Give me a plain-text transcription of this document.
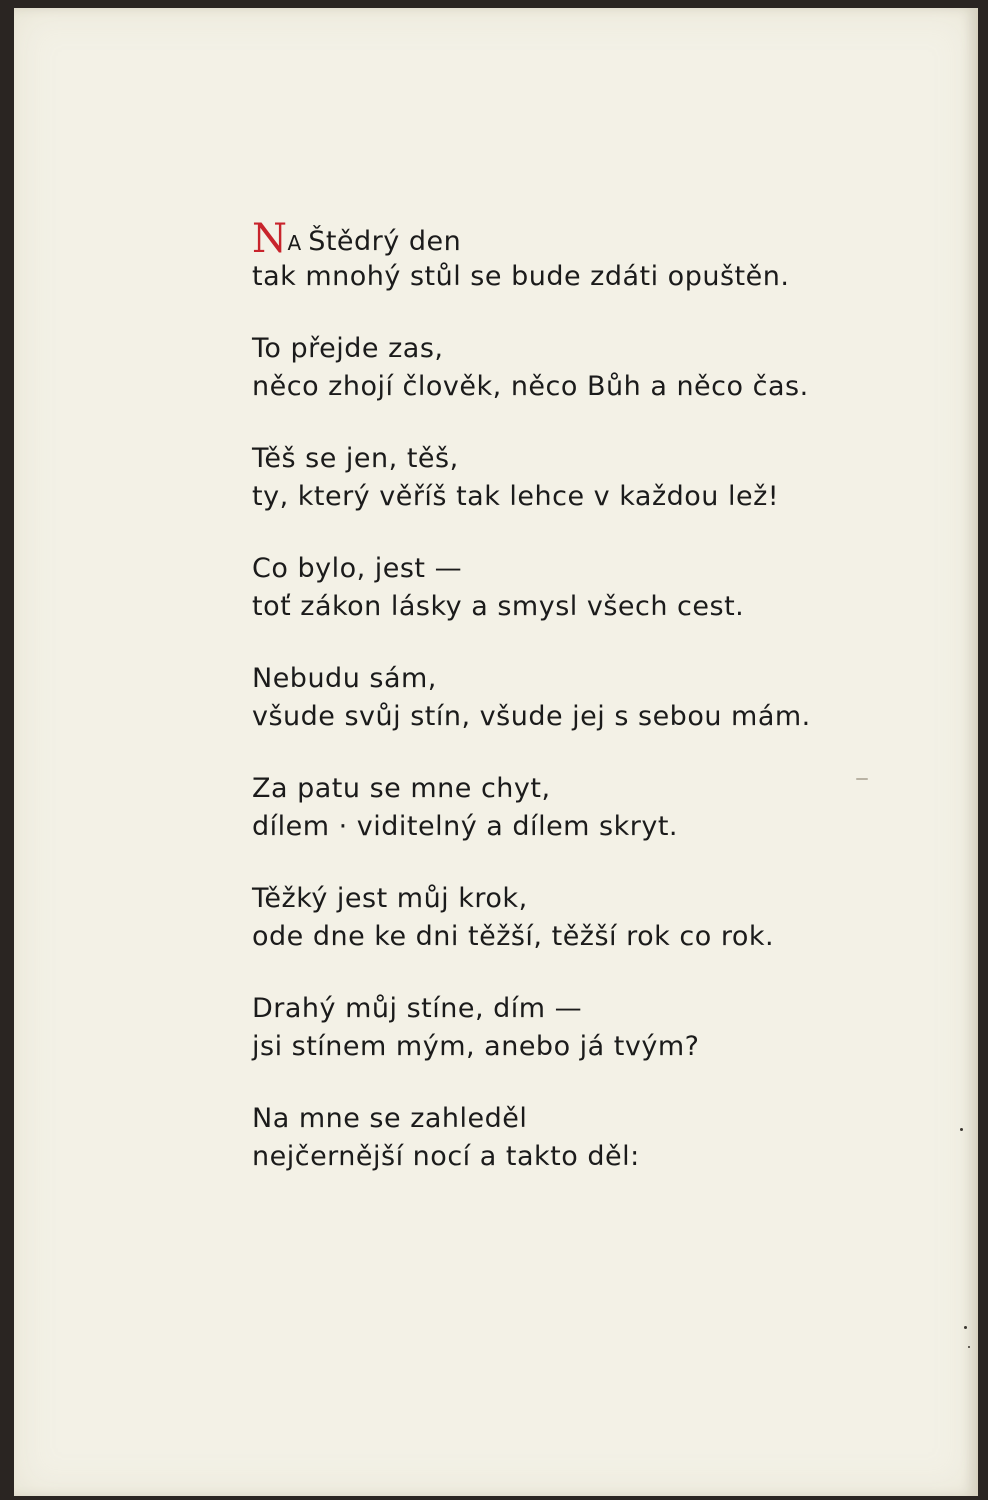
NA Štědrý den
tak mnohý stůl se bude zdáti opuštěn.
To přejde zas,
něco zhojí člověk, něco Bůh a něco čas.
Těš se jen, těš,
ty, který věříš tak lehce v každou lež!
Co bylo, jest —
toť zákon lásky a smysl všech cest.
Nebudu sám,
všude svůj stín, všude jej s sebou mám.
Za patu se mne chyt,
dílem · viditelný a dílem skryt.
Těžký jest můj krok,
ode dne ke dni těžší, těžší rok co rok.
Drahý můj stíne, dím —
jsi stínem mým, anebo já tvým?
Na mne se zahleděl
nejčernější nocí a takto děl:
